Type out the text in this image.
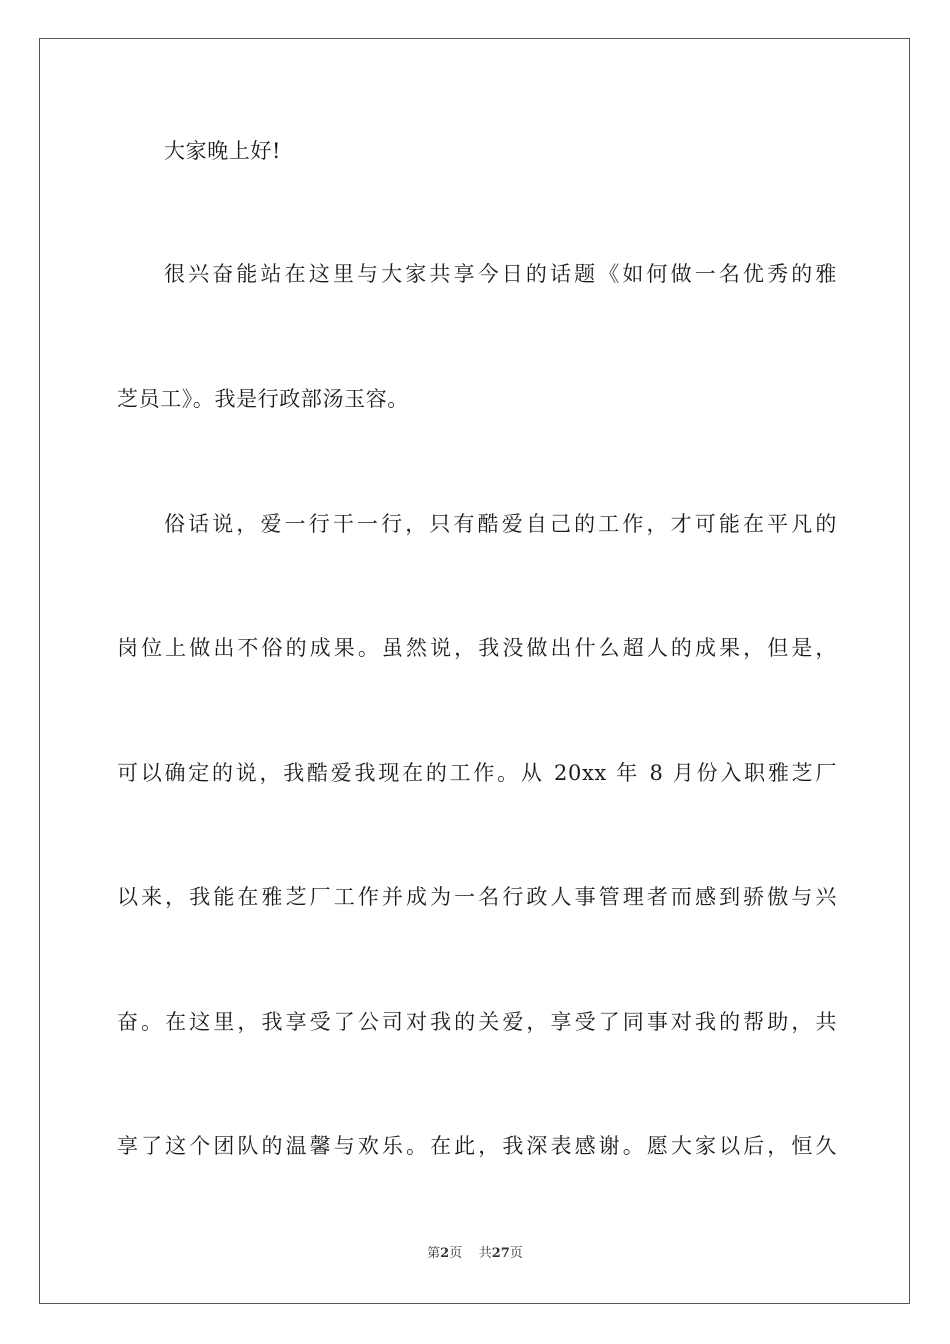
大家晚上好!
很兴奋能站在这里与大家共享今日的话题《如何做一名优秀的雅
芝员工》。我是行政部汤玉容。
俗话说，爱一行干一行，只有酷爱自己的工作，才可能在平凡的
岗位上做出不俗的成果。虽然说，我没做出什么超人的成果，但是，
可以确定的说，我酷爱我现在的工作。从 20xx 年 8 月份入职雅芝厂
以来，我能在雅芝厂工作并成为一名行政人事管理者而感到骄傲与兴
奋。在这里，我享受了公司对我的关爱，享受了同事对我的帮助，共
享了这个团队的温馨与欢乐。在此，我深表感谢。愿大家以后，恒久
第2页 共27页
